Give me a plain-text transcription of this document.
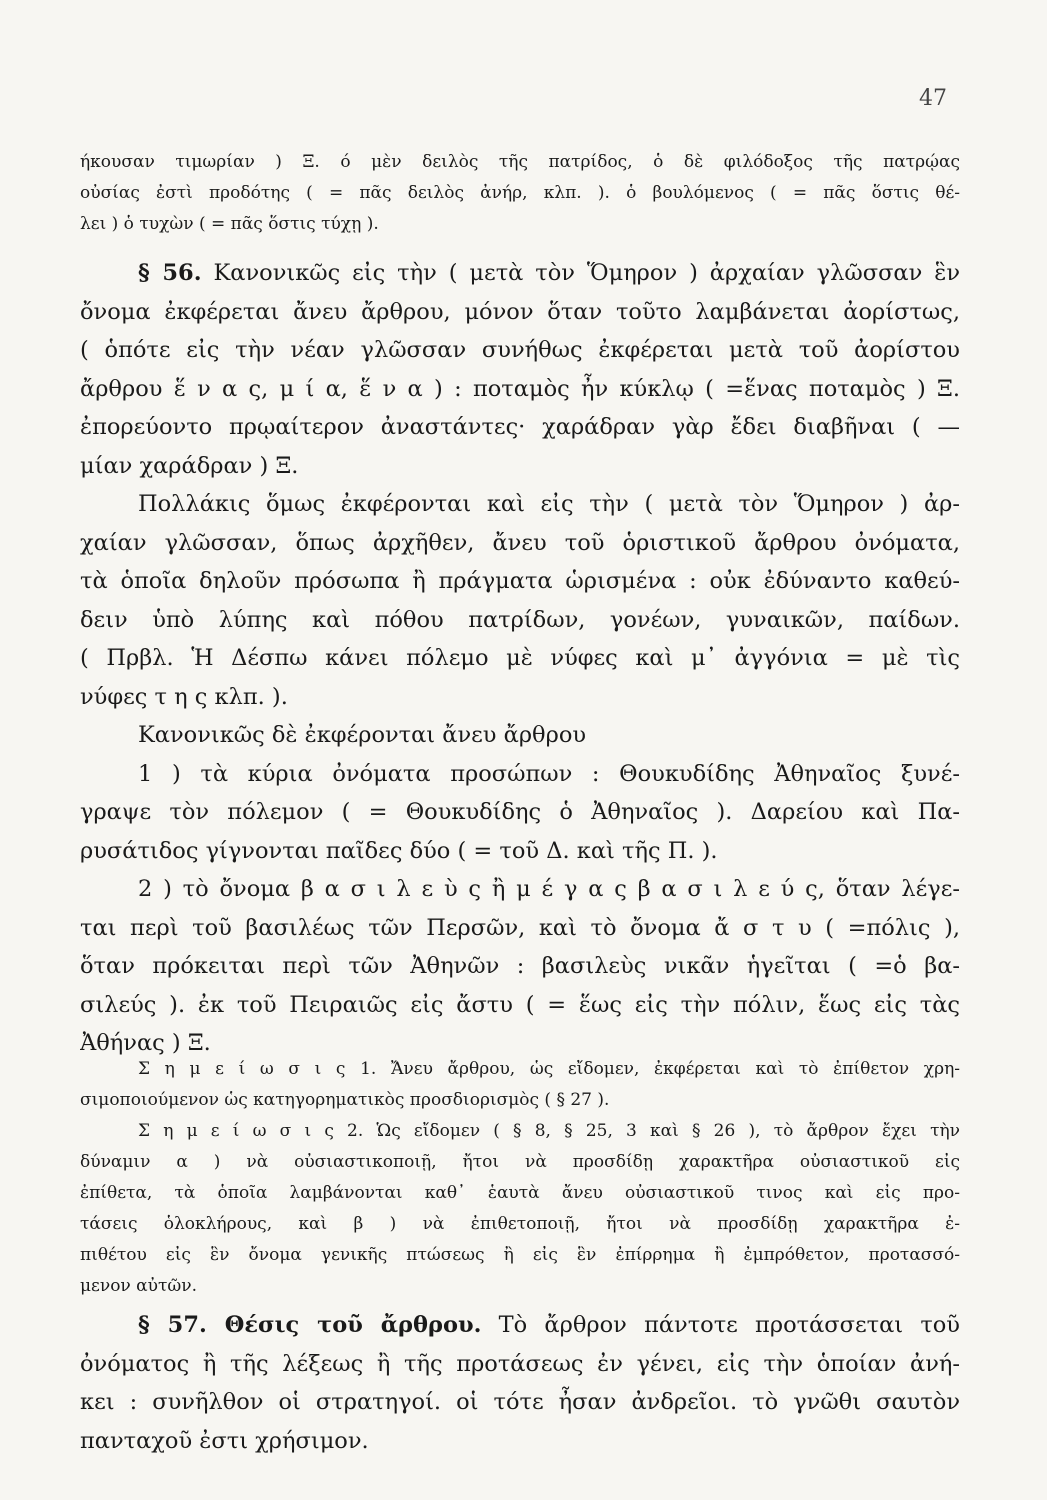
47
ήκουσαν τιμωρίαν ) Ξ. ό μὲν δειλὸς τῆς πατρίδος, ὁ δὲ φιλόδοξος τῆς πατρῴας
οὐσίας ἐστὶ προδότης ( = πᾶς δειλὸς ἀνήρ, κλπ. ). ὁ βουλόμενος ( = πᾶς ὅστις θέ-
λει ) ὁ τυχὼν ( = πᾶς ὅστις τύχῃ ).
§ 56. Κανονικῶς εἰς τὴν ( μετὰ τὸν Ὅμηρον ) ἀρχαίαν γλῶσσαν ἓν
ὄνομα ἐκφέρεται ἄνευ ἄρθρου, μόνον ὅταν τοῦτο λαμβάνεται ἀορίστως,
( ὁπότε εἰς τὴν νέαν γλῶσσαν συνήθως ἐκφέρεται μετὰ τοῦ ἀορίστου
ἄρθρου ἕ ν α ς, μ ί α, ἕ ν α ) : ποταμὸς ἦν κύκλῳ ( =ἕνας ποταμὸς ) Ξ.
ἐπορεύοντο πρῳαίτερον ἀναστάντες· χαράδραν γὰρ ἔδει διαβῆναι ( —
μίαν χαράδραν ) Ξ.
Πολλάκις ὅμως ἐκφέρονται καὶ εἰς τὴν ( μετὰ τὸν Ὅμηρον ) ἀρ-
χαίαν γλῶσσαν, ὅπως ἀρχῆθεν, ἄνευ τοῦ ὁριστικοῦ ἄρθρου ὀνόματα,
τὰ ὁποῖα δηλοῦν πρόσωπα ἢ πράγματα ὡρισμένα : οὐκ ἐδύναντο καθεύ-
δειν ὑπὸ λύπης καὶ πόθου πατρίδων, γονέων, γυναικῶν, παίδων.
( Πρβλ. Ἡ Δέσπω κάνει πόλεμο μὲ νύφες καὶ μ᾽ ἀγγόνια = μὲ τὶς
νύφες τ η ς κλπ. ).
Κανονικῶς δὲ ἐκφέρονται ἄνευ ἄρθρου
1 ) τὰ κύρια ὀνόματα προσώπων : Θουκυδίδης Ἀθηναῖος ξυνέ-
γραψε τὸν πόλεμον ( = Θουκυδίδης ὁ Ἀθηναῖος ). Δαρείου καὶ Πα-
ρυσάτιδος γίγνονται παῖδες δύο ( = τοῦ Δ. καὶ τῆς Π. ).
2 ) τὸ ὄνομα β α σ ι λ ε ὺ ς ἢ μ έ γ α ς β α σ ι λ ε ύ ς, ὅταν λέγε-
ται περὶ τοῦ βασιλέως τῶν Περσῶν, καὶ τὸ ὄνομα ἄ σ τ υ ( =πόλις ),
ὅταν πρόκειται περὶ τῶν Ἀθηνῶν : βασιλεὺς νικᾶν ἡγεῖται ( =ὁ βα-
σιλεύς ). ἐκ τοῦ Πειραιῶς εἰς ἄστυ ( = ἕως εἰς τὴν πόλιν, ἕως εἰς τὰς
Ἀθήνας ) Ξ.
Σ η μ ε ί ω σ ι ς 1. Ἄνευ ἄρθρου, ὡς εἴδομεν, ἐκφέρεται καὶ τὸ ἐπίθετον χρη-
σιμοποιούμενον ὡς κατηγορηματικὸς προσδιορισμὸς ( § 27 ).
Σ η μ ε ί ω σ ι ς 2. Ὡς εἴδομεν ( § 8, § 25, 3 καὶ § 26 ), τὸ ἄρθρον ἔχει τὴν
δύναμιν α ) νὰ οὐσιαστικοποιῇ, ἤτοι νὰ προσδίδῃ χαρακτῆρα οὐσιαστικοῦ εἰς
ἐπίθετα, τὰ ὁποῖα λαμβάνονται καθ᾽ ἑαυτὰ ἄνευ οὐσιαστικοῦ τινος καὶ εἰς προ-
τάσεις ὁλοκλήρους, καὶ β ) νὰ ἐπιθετοποιῇ, ἤτοι νὰ προσδίδῃ χαρακτῆρα ἐ-
πιθέτου εἰς ἓν ὄνομα γενικῆς πτώσεως ἢ εἰς ἓν ἐπίρρημα ἢ ἐμπρόθετον, προτασσό-
μενον αὐτῶν.
§ 57. Θέσις τοῦ ἄρθρου. Τὸ ἄρθρον πάντοτε προτάσσεται τοῦ
ὀνόματος ἢ τῆς λέξεως ἢ τῆς προτάσεως ἐν γένει, εἰς τὴν ὁποίαν ἀνή-
κει : συνῆλθον οἱ στρατηγοί. οἱ τότε ἦσαν ἀνδρεῖοι. τὸ γνῶθι σαυτὸν
πανταχοῦ ἐστι χρήσιμον.
